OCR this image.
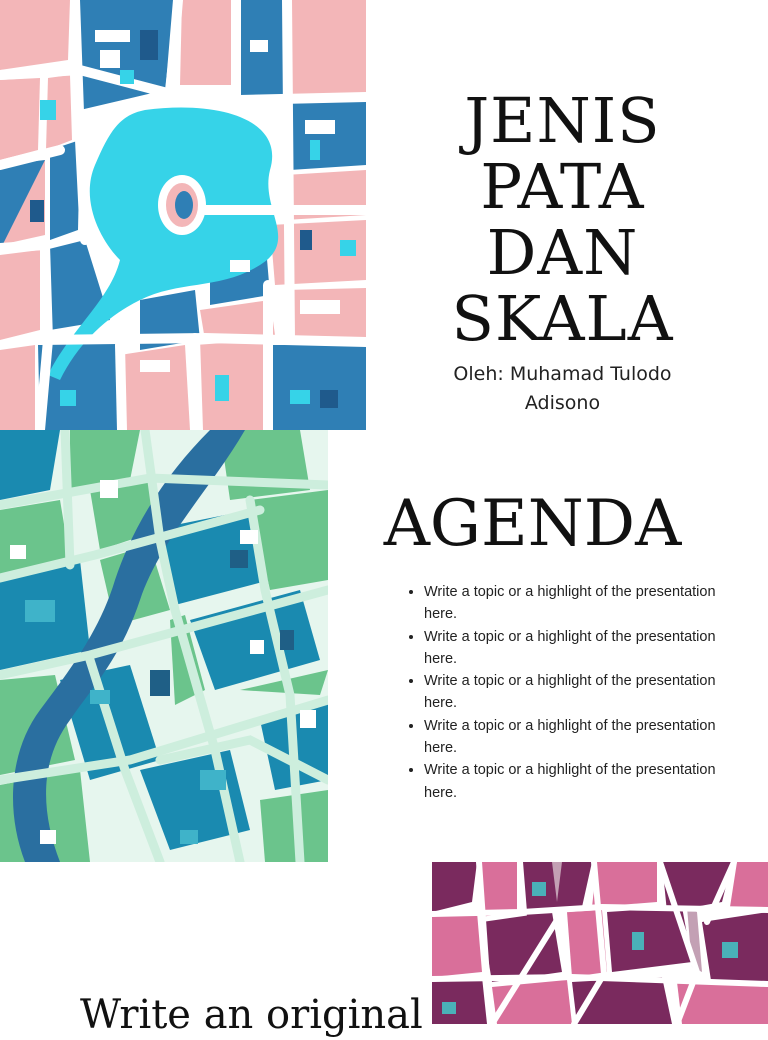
JENIS
PATA
DAN
SKALA
Oleh: Muhamad Tulodo
Adisono
AGENDA
• Write a topic or a highlight of the presentation here.
• Write a topic or a highlight of the presentation here.
• Write a topic or a highlight of the presentation here.
• Write a topic or a highlight of the presentation here.
• Write a topic or a highlight of the presentation here.
Write an original
